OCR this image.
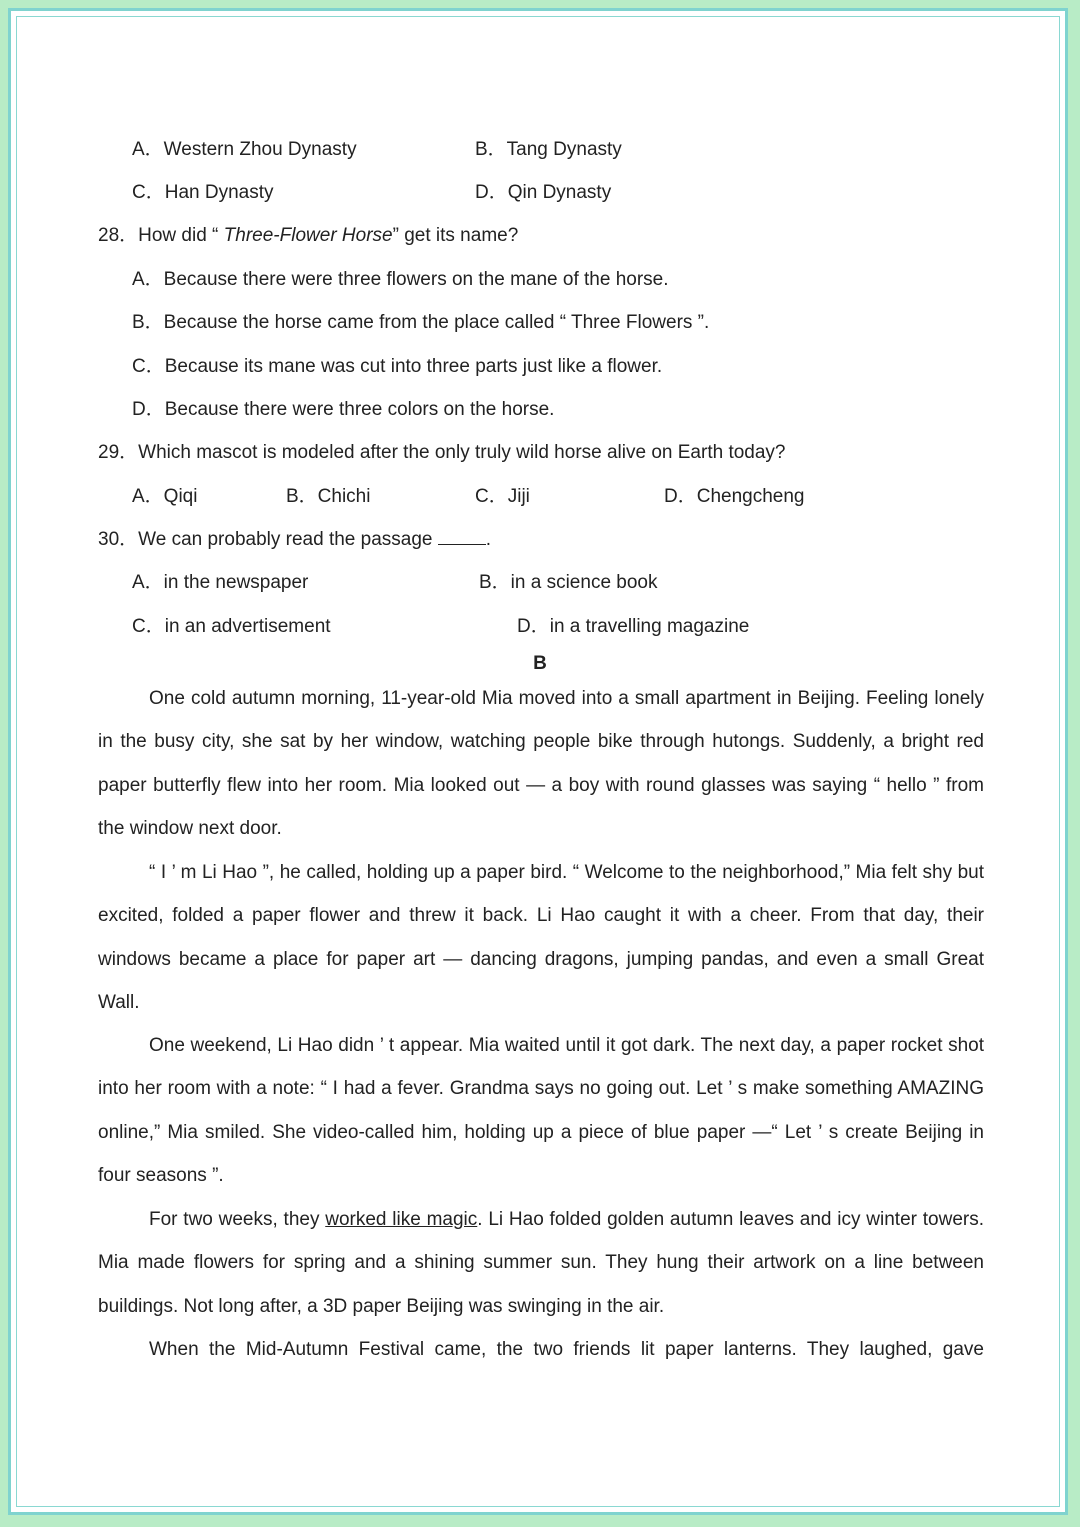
A．Western Zhou Dynasty	B．Tang Dynasty
C．Han Dynasty	D．Qin Dynasty
28．How did “ Three-Flower Horse” get its name?
A．Because there were three flowers on the mane of the horse.
B．Because the horse came from the place called “ Three Flowers ”.
C．Because its mane was cut into three parts just like a flower.
D．Because there were three colors on the horse.
29．Which mascot is modeled after the only truly wild horse alive on Earth today?
A．Qiqi	B．Chichi	C．Jiji	D．Chengcheng
30．We can probably read the passage	.
A．in the newspaper	B．in a science book
C．in an advertisement	D．in a travelling magazine
B
One cold autumn morning, 11-year-old Mia moved into a small apartment in Beijing. Feeling lonely in the busy city, she sat by her window, watching people bike through hutongs. Suddenly, a bright red paper butterfly flew into her room. Mia looked out — a boy with round glasses was saying “ hello ” from the window next door.
“ I ’ m Li Hao ”, he called, holding up a paper bird. “ Welcome to the neighborhood,” Mia felt shy but excited, folded a paper flower and threw it back. Li Hao caught it with a cheer. From that day, their windows became a place for paper art — dancing dragons, jumping pandas, and even a small Great Wall.
One weekend, Li Hao didn ’ t appear. Mia waited until it got dark. The next day, a paper rocket shot into her room with a note: “ I had a fever. Grandma says no going out. Let ’ s make something AMAZING online,” Mia smiled. She video-called him, holding up a piece of blue paper —“ Let ’ s create Beijing in four seasons ”.
For two weeks, they worked like magic. Li Hao folded golden autumn leaves and icy winter towers. Mia made flowers for spring and a shining summer sun. They hung their artwork on a line between buildings. Not long after, a 3D paper Beijing was swinging in the air.
When the Mid-Autumn Festival came, the two friends lit paper lanterns. They laughed, gave
